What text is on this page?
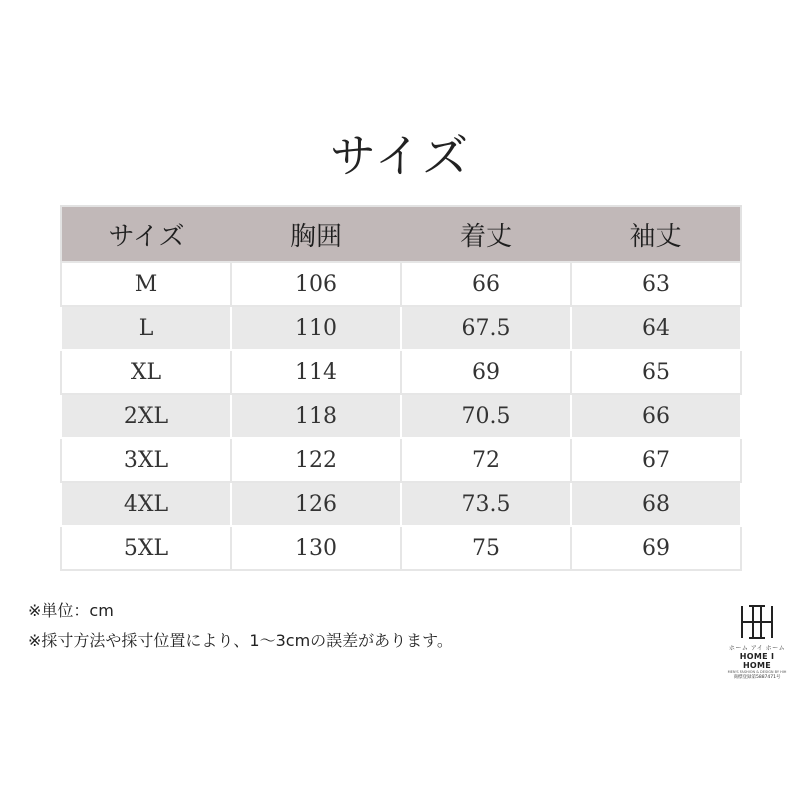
サイズ
サイズ	胸囲	着丈	袖丈
M	106	66	63
L	110	67.5	64
XL	114	69	65
2XL	118	70.5	66
3XL	122	72	67
4XL	126	73.5	68
5XL	130	75	69
※単位：cm
※採寸方法や採寸位置により、1～3cmの誤差があります。	ホーム アイ ホーム
HOME I HOME
MEN'S FASHION & DESIGN BY HIH
商標登録第5887471号
